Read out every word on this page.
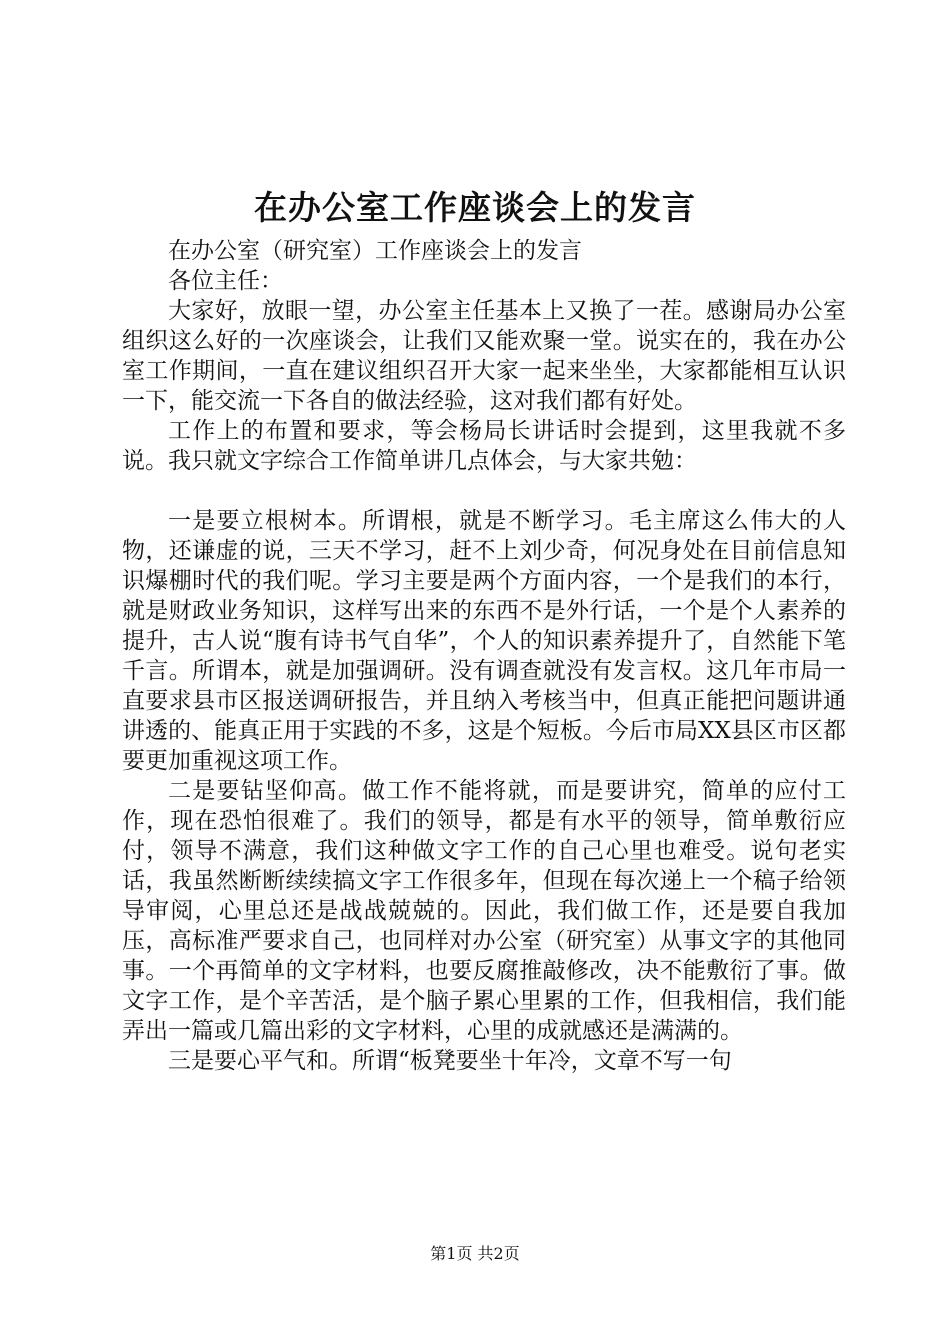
在办公室工作座谈会上的发言

在办公室（研究室）工作座谈会上的发言

各位主任：

大家好，放眼一望，办公室主任基本上又换了一茬。感谢局办公室组织这么好的一次座谈会，让我们又能欢聚一堂。说实在的，我在办公室工作期间，一直在建议组织召开大家一起来坐坐，大家都能相互认识一下，能交流一下各自的做法经验，这对我们都有好处。

工作上的布置和要求，等会杨局长讲话时会提到，这里我就不多说。我只就文字综合工作简单讲几点体会，与大家共勉：

一是要立根树本。所谓根，就是不断学习。毛主席这么伟大的人物，还谦虚的说，三天不学习，赶不上刘少奇，何况身处在目前信息知识爆棚时代的我们呢。学习主要是两个方面内容，一个是我们的本行，就是财政业务知识，这样写出来的东西不是外行话，一个是个人素养的提升，古人说“腹有诗书气自华”，个人的知识素养提升了，自然能下笔千言。所谓本，就是加强调研。没有调查就没有发言权。这几年市局一直要求县市区报送调研报告，并且纳入考核当中，但真正能把问题讲通讲透的、能真正用于实践的不多，这是个短板。今后市局XX县区市区都要更加重视这项工作。

二是要钻坚仰高。做工作不能将就，而是要讲究，简单的应付工作，现在恐怕很难了。我们的领导，都是有水平的领导，简单敷衍应付，领导不满意，我们这种做文字工作的自己心里也难受。说句老实话，我虽然断断续续搞文字工作很多年，但现在每次递上一个稿子给领导审阅，心里总还是战战兢兢的。因此，我们做工作，还是要自我加压，高标准严要求自己，也同样对办公室（研究室）从事文字的其他同事。一个再简单的文字材料，也要反腐推敲修改，决不能敷衍了事。做文字工作，是个辛苦活，是个脑子累心里累的工作，但我相信，我们能弄出一篇或几篇出彩的文字材料，心里的成就感还是满满的。

三是要心平气和。所谓“板凳要坐十年冷，文章不写一句

第1页 共2页
